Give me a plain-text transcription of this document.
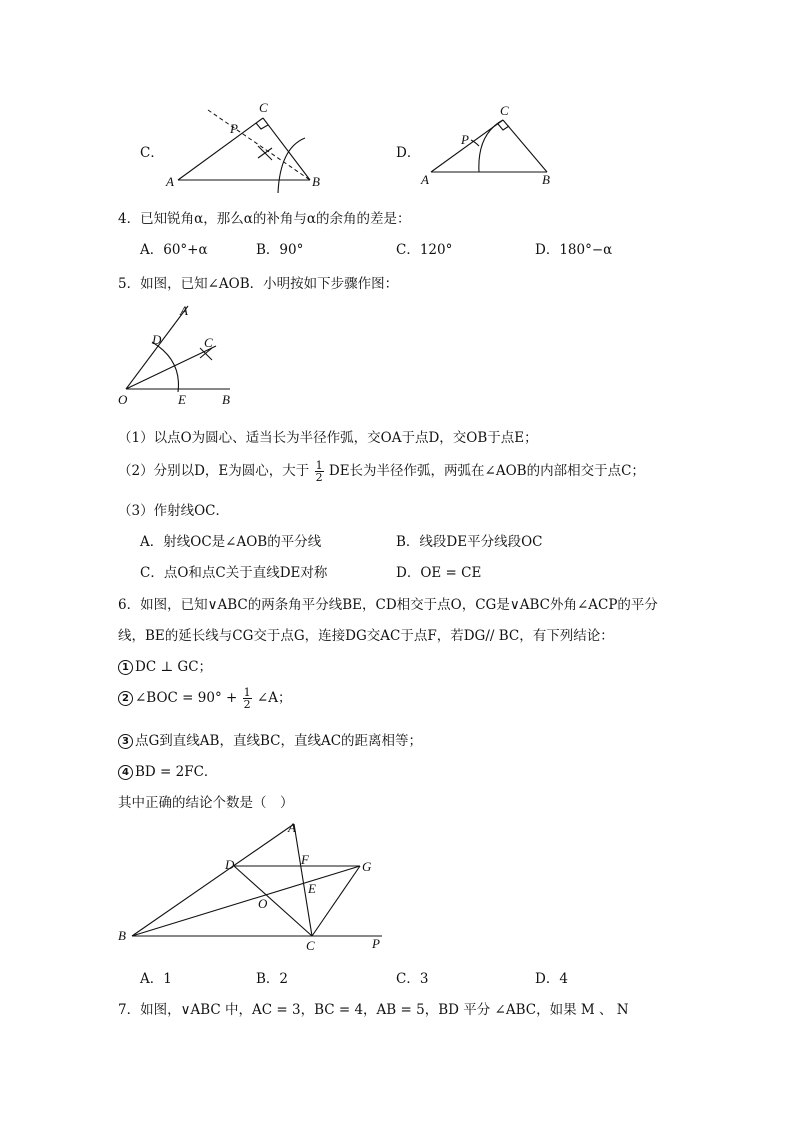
C．
C
P
A	B
D．
C
P
A	B
4．已知锐角α，那么α的补角与α的余角的差是：
A．60°+α	B．90°	C．120°	D．180°−α
5．如图，已知∠AOB．小明按如下步骤作图：
A
D	C
O	E	B
（1）以点O为圆心、适当长为半径作弧，交OA于点D，交OB于点E；
（2）分别以D，E为圆心，大于 $\frac{1}{2}$ DE长为半径作弧，两弧在∠AOB的内部相交于点C；
（3）作射线OC．
A．射线OC是∠AOB的平分线	B．线段DE平分线段OC
C．点O和点C关于直线DE对称	D．OE = CE
6．如图，已知∨ABC的两条角平分线BE，CD相交于点O，CG是∨ABC外角∠ACP的平分
线，BE的延长线与CG交于点G，连接DG交AC于点F，若DG// BC，有下列结论：
1 DC ⊥ GC；
2 ∠BOC = $90^\circ + \frac{1}{2}$ ∠A；
3 点G到直线AB，直线BC，直线AC的距离相等；
4 BD = 2FC．
其中正确的结论个数是（　）
A
D	F	G
E
O
B
C	P
A．1	B．2	C．3	D．4
7．如图，∨ABC 中，AC = 3，BC = 4，AB = 5，BD 平分 ∠ABC，如果 M 、 N
